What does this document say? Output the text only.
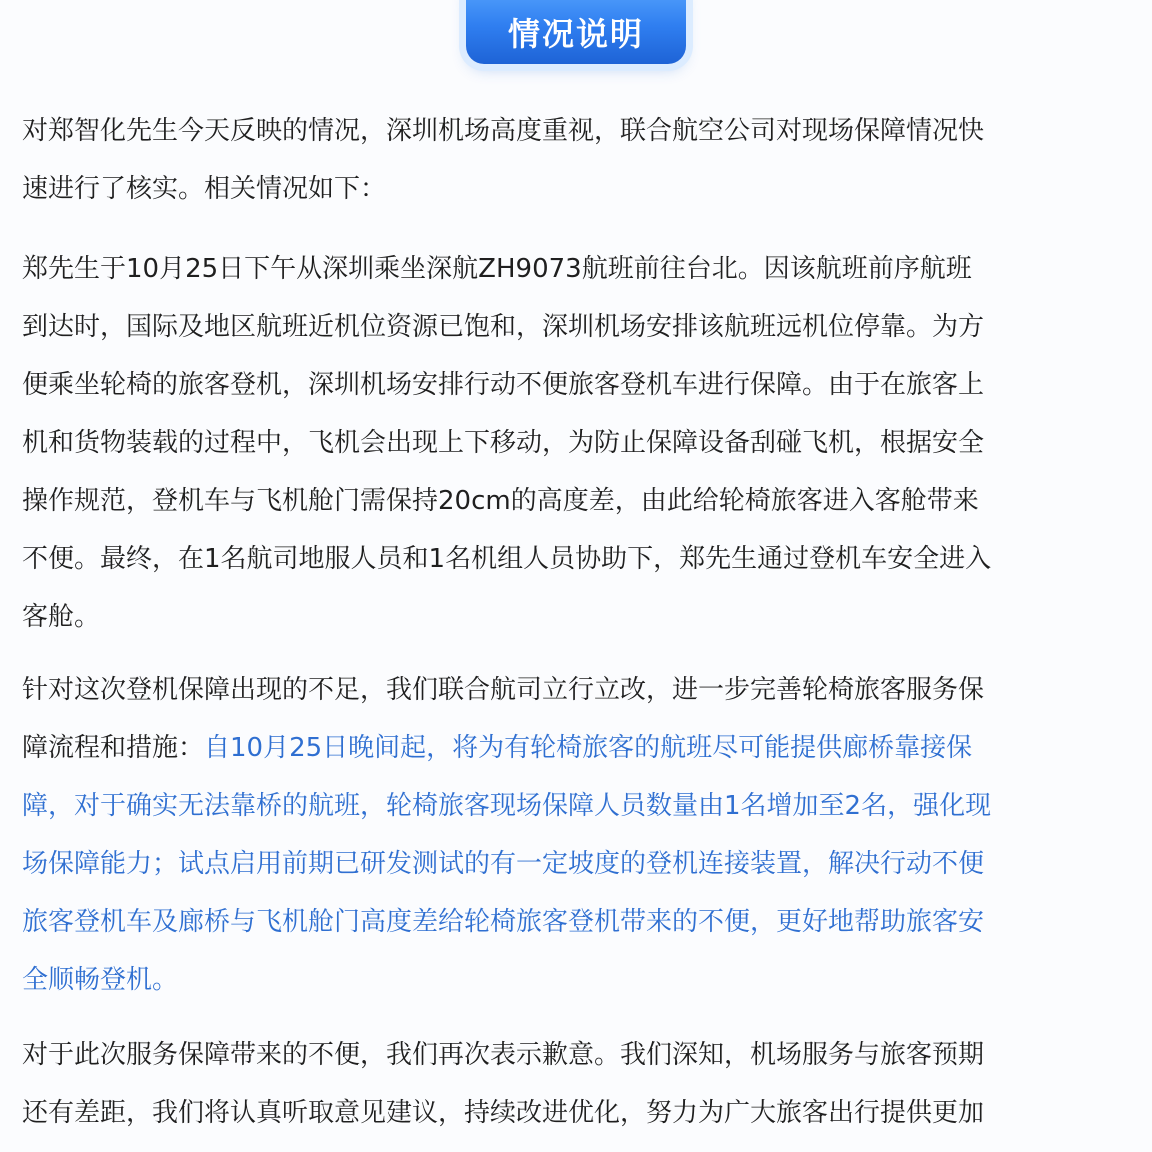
情况说明
对郑智化先生今天反映的情况，深圳机场高度重视，联合航空公司对现场保障情况快
速进行了核实。相关情况如下：
郑先生于10月25日下午从深圳乘坐深航ZH9073航班前往台北。因该航班前序航班
到达时，国际及地区航班近机位资源已饱和，深圳机场安排该航班远机位停靠。为方
便乘坐轮椅的旅客登机，深圳机场安排行动不便旅客登机车进行保障。由于在旅客上
机和货物装载的过程中，飞机会出现上下移动，为防止保障设备刮碰飞机，根据安全
操作规范，登机车与飞机舱门需保持20cm的高度差，由此给轮椅旅客进入客舱带来
不便。最终，在1名航司地服人员和1名机组人员协助下，郑先生通过登机车安全进入
客舱。
针对这次登机保障出现的不足，我们联合航司立行立改，进一步完善轮椅旅客服务保
障流程和措施：自10月25日晚间起，将为有轮椅旅客的航班尽可能提供廊桥靠接保
障，对于确实无法靠桥的航班，轮椅旅客现场保障人员数量由1名增加至2名，强化现
场保障能力；试点启用前期已研发测试的有一定坡度的登机连接装置，解决行动不便
旅客登机车及廊桥与飞机舱门高度差给轮椅旅客登机带来的不便，更好地帮助旅客安
全顺畅登机。
对于此次服务保障带来的不便，我们再次表示歉意。我们深知，机场服务与旅客预期
还有差距，我们将认真听取意见建议，持续改进优化，努力为广大旅客出行提供更加
